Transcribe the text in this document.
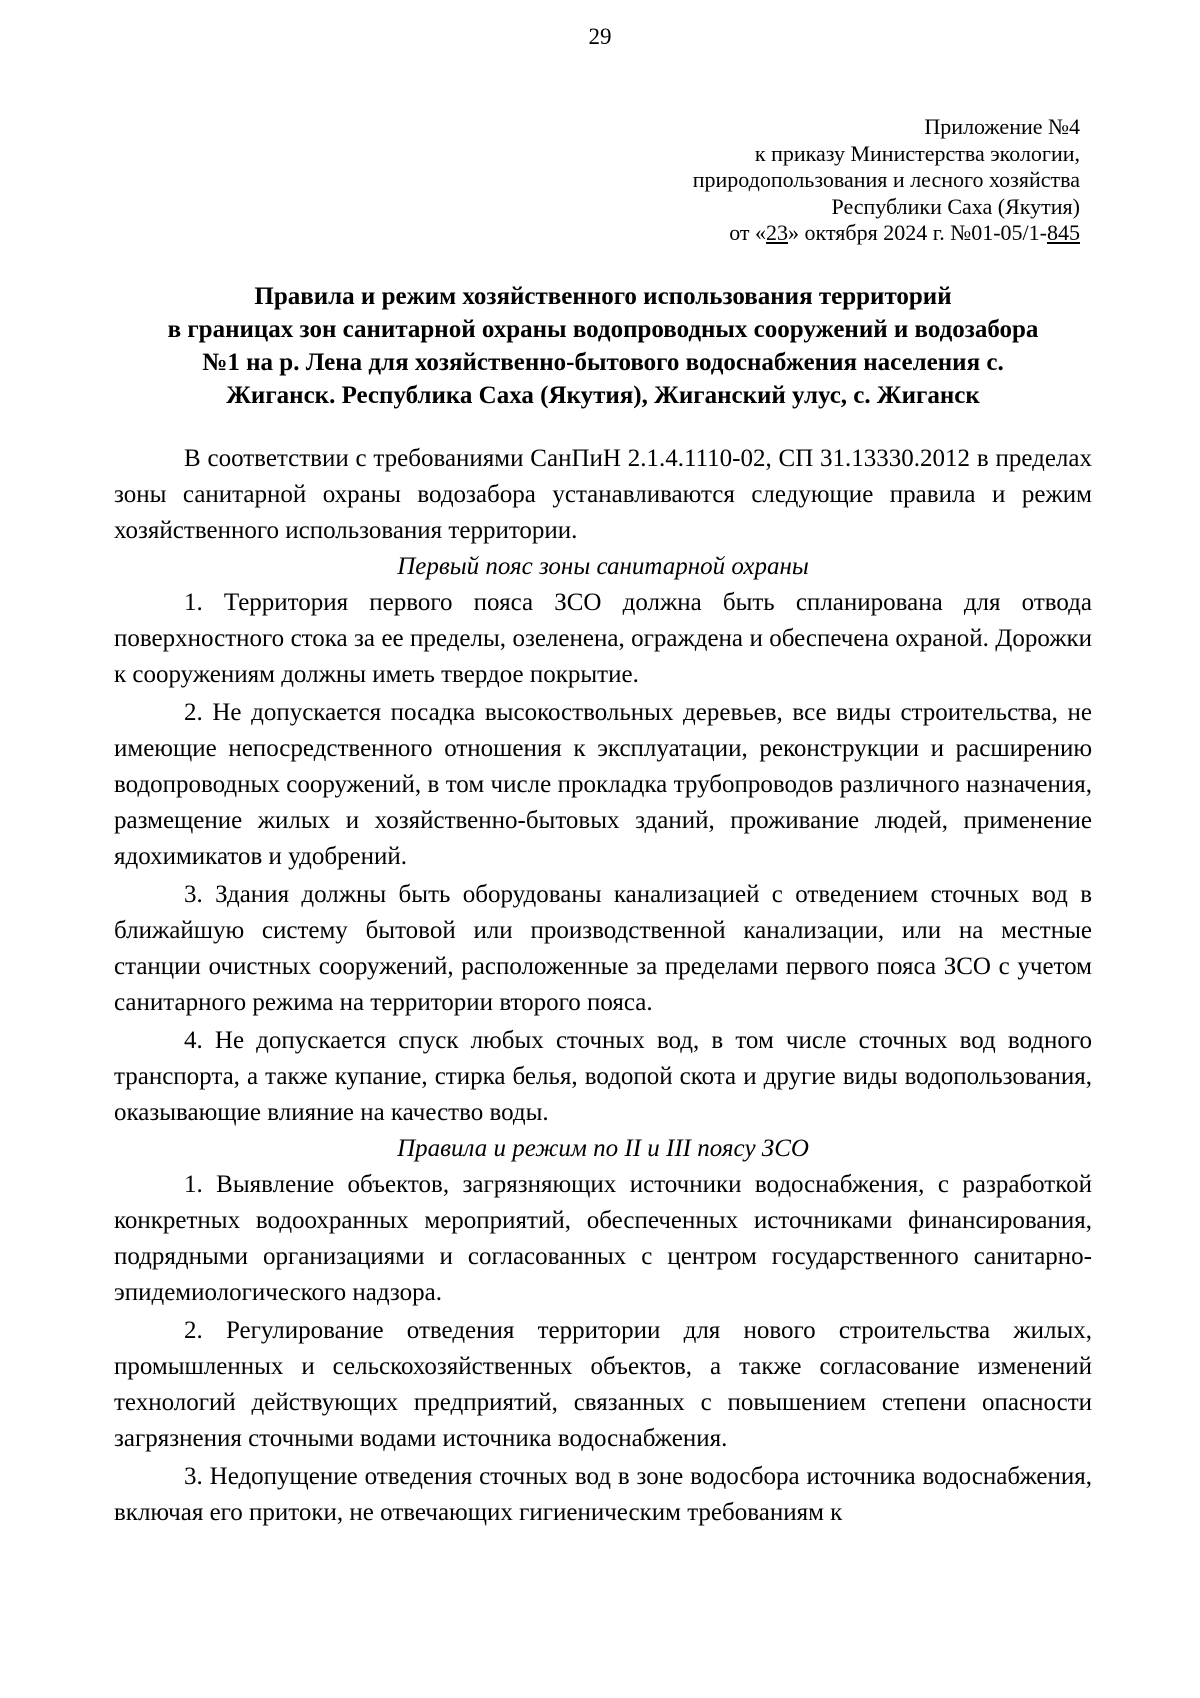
29
Приложение №4
к приказу Министерства экологии,
природопользования и лесного хозяйства
Республики Саха (Якутия)
от «23» октября 2024 г. №01-05/1-845
Правила и режим хозяйственного использования территорий
в границах зон санитарной охраны водопроводных сооружений и водозабора
№1 на р. Лена для хозяйственно-бытового водоснабжения населения с.
Жиганск. Республика Саха (Якутия), Жиганский улус, с. Жиганск

В соответствии с требованиями СанПиН 2.1.4.1110-02, СП 31.13330.2012 в пределах зоны санитарной охраны водозабора устанавливаются следующие правила и режим хозяйственного использования территории.

Первый пояс зоны санитарной охраны

1. Территория первого пояса ЗСО должна быть спланирована для отвода поверхностного стока за ее пределы, озеленена, ограждена и обеспечена охраной. Дорожки к сооружениям должны иметь твердое покрытие.

2. Не допускается посадка высокоствольных деревьев, все виды строительства, не имеющие непосредственного отношения к эксплуатации, реконструкции и расширению водопроводных сооружений, в том числе прокладка трубопроводов различного назначения, размещение жилых и хозяйственно-бытовых зданий, проживание людей, применение ядохимикатов и удобрений.

3. Здания должны быть оборудованы канализацией с отведением сточных вод в ближайшую систему бытовой или производственной канализации, или на местные станции очистных сооружений, расположенные за пределами первого пояса ЗСО с учетом санитарного режима на территории второго пояса.

4. Не допускается спуск любых сточных вод, в том числе сточных вод водного транспорта, а также купание, стирка белья, водопой скота и другие виды водопользования, оказывающие влияние на качество воды.

Правила и режим по II и III поясу ЗСО

1. Выявление объектов, загрязняющих источники водоснабжения, с разработкой конкретных водоохранных мероприятий, обеспеченных источниками финансирования, подрядными организациями и согласованных с центром государственного санитарно-эпидемиологического надзора.

2. Регулирование отведения территории для нового строительства жилых, промышленных и сельскохозяйственных объектов, а также согласование изменений технологий действующих предприятий, связанных с повышением степени опасности загрязнения сточными водами источника водоснабжения.

3. Недопущение отведения сточных вод в зоне водосбора источника водоснабжения, включая его притоки, не отвечающих гигиеническим требованиям к
